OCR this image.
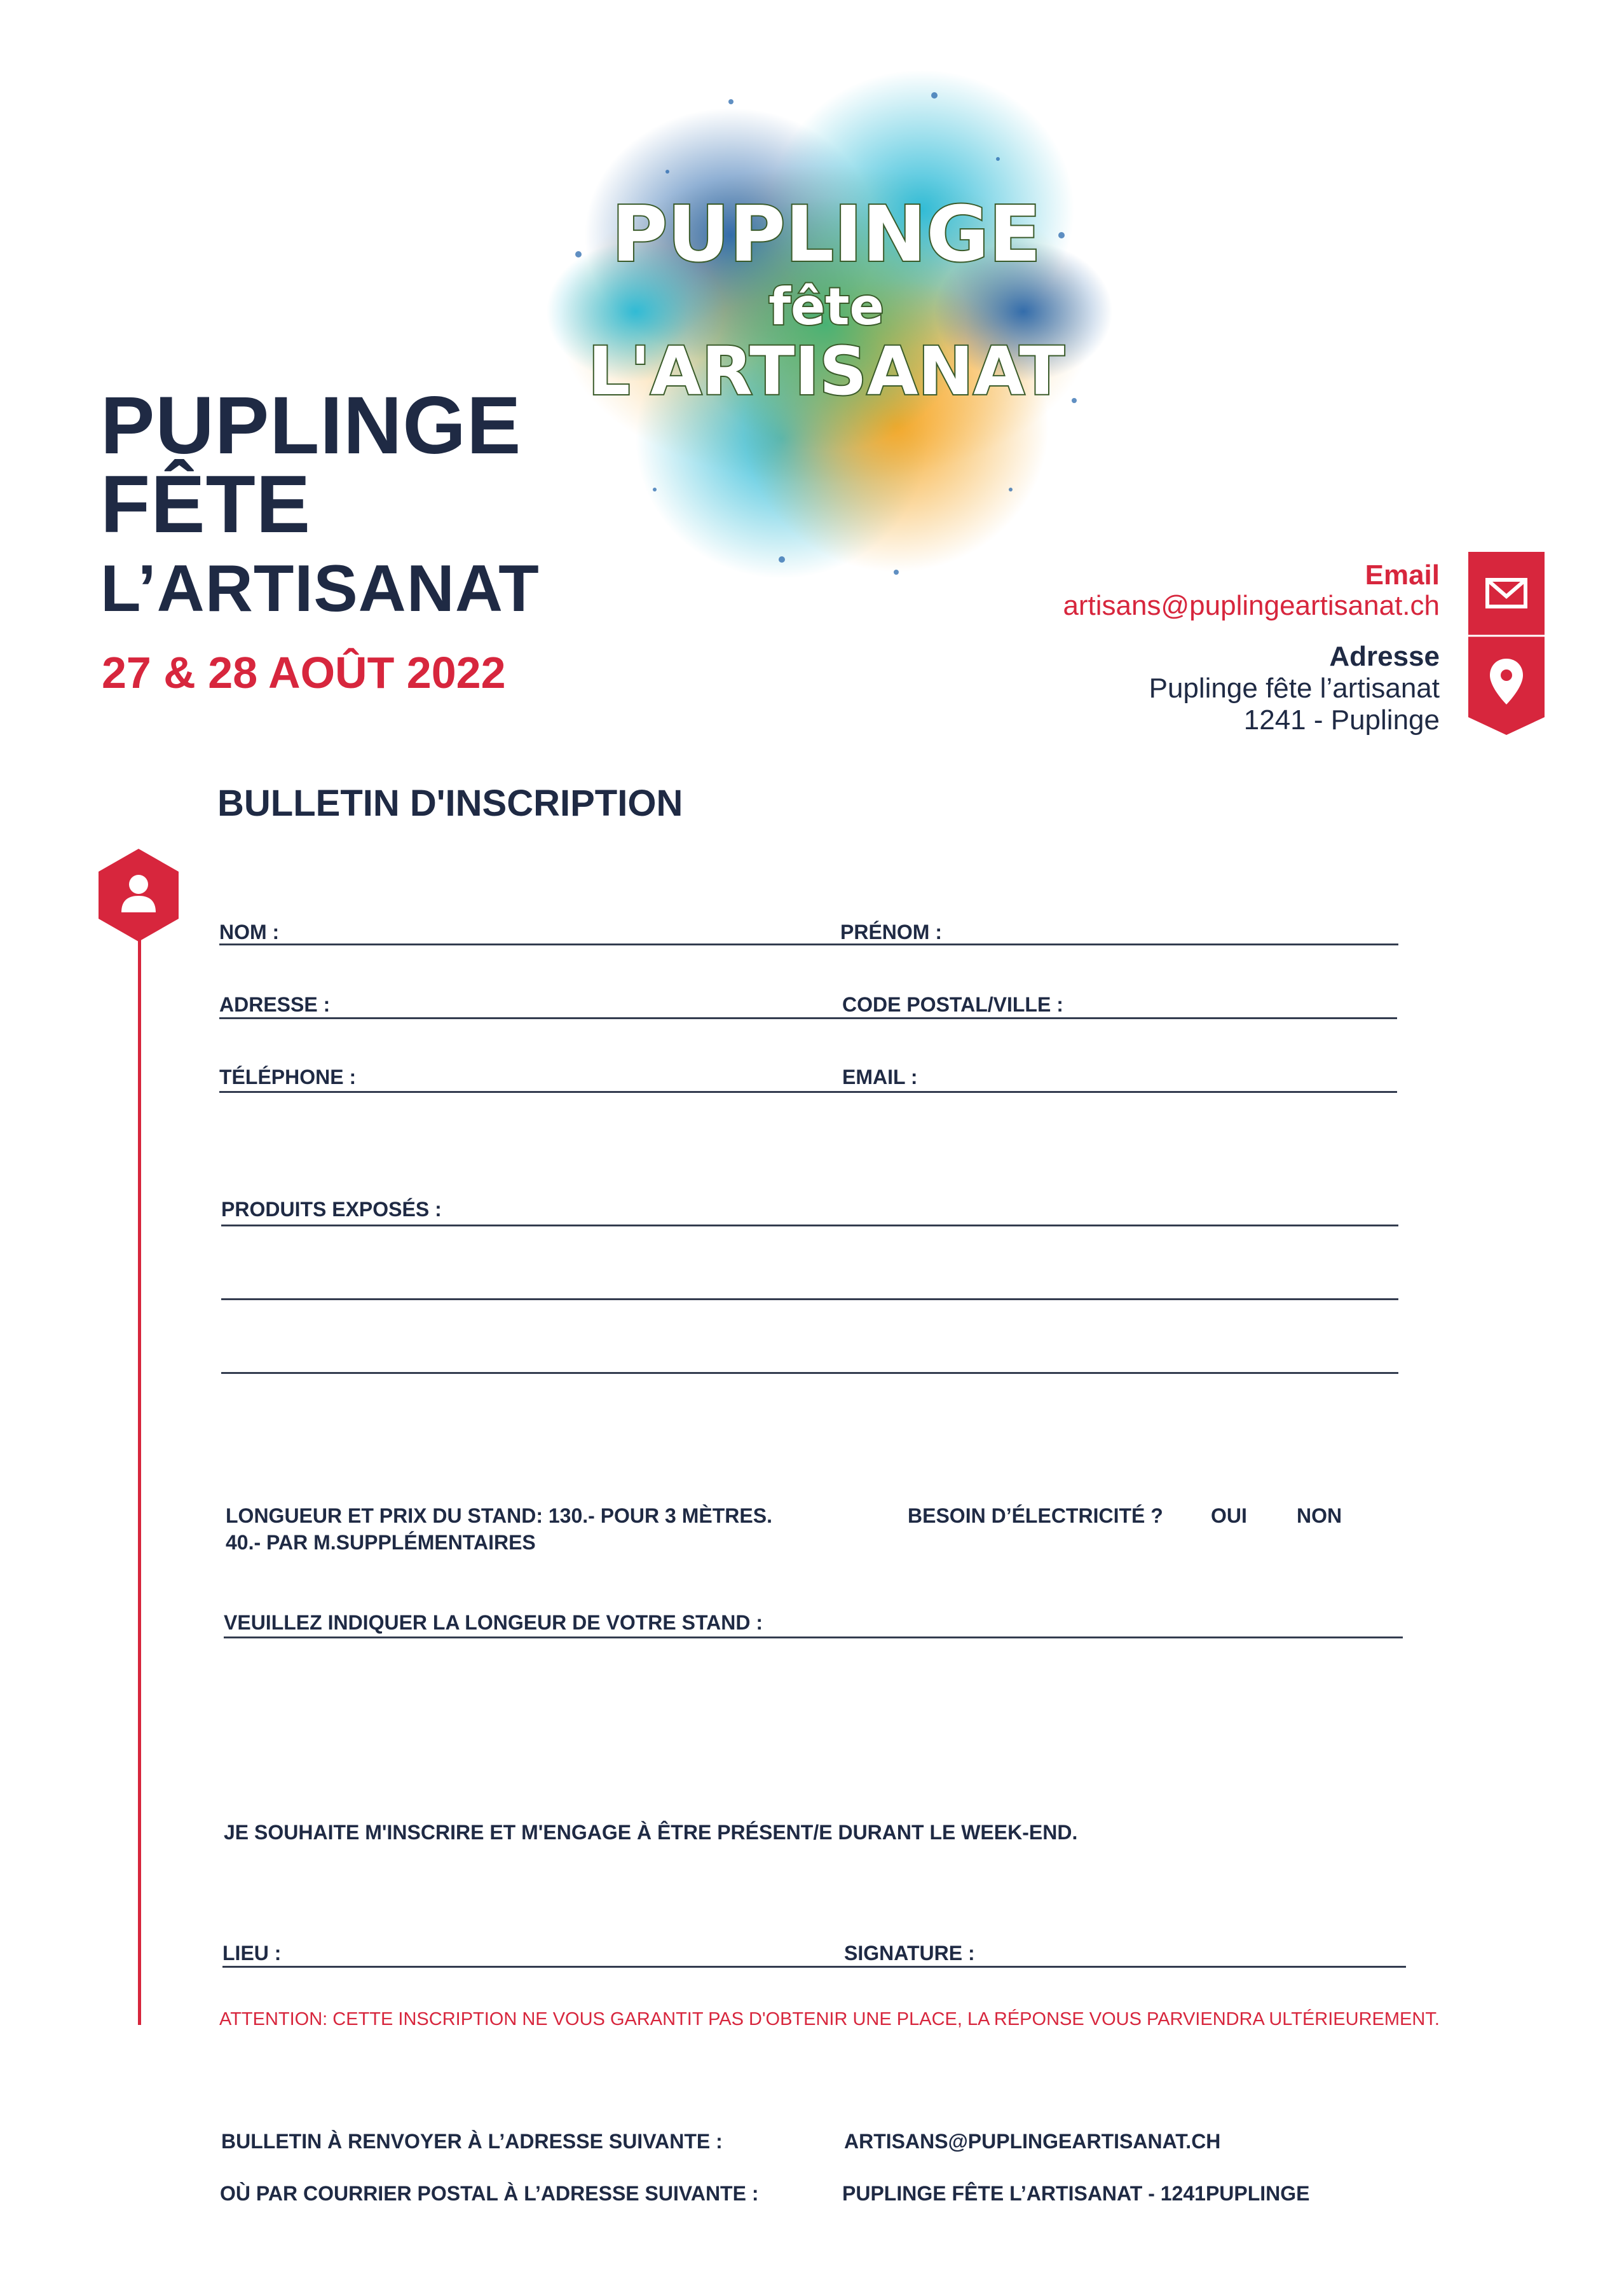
PUPLINGE
fête
L'ARTISANAT
PUPLINGE
FÊTE
L’ARTISANAT
27 & 28 AOÛT 2022
Email
artisans@puplingeartisanat.ch
Adresse
Puplinge fête l’artisanat
1241 - Puplinge
BULLETIN D'INSCRIPTION
NOM :	PRÉNOM :
ADRESSE :	CODE POSTAL/VILLE :
TÉLÉPHONE :	EMAIL :
PRODUITS EXPOSÉS :
LONGUEUR ET PRIX DU STAND: 130.- POUR 3 MÈTRES.
40.- PAR M.SUPPLÉMENTAIRES
BESOIN D’ÉLECTRICITÉ ? OUI NON
VEUILLEZ INDIQUER LA LONGEUR DE VOTRE STAND :
JE SOUHAITE M'INSCRIRE ET M'ENGAGE À ÊTRE PRÉSENT/E DURANT LE WEEK-END.
LIEU :	SIGNATURE :
ATTENTION: CETTE INSCRIPTION NE VOUS GARANTIT PAS D'OBTENIR UNE PLACE, LA RÉPONSE VOUS PARVIENDRA ULTÉRIEUREMENT.
BULLETIN À RENVOYER À L’ADRESSE SUIVANTE :	ARTISANS@PUPLINGEARTISANAT.CH
OÙ PAR COURRIER POSTAL À L’ADRESSE SUIVANTE :	PUPLINGE FÊTE L’ARTISANAT - 1241PUPLINGE
